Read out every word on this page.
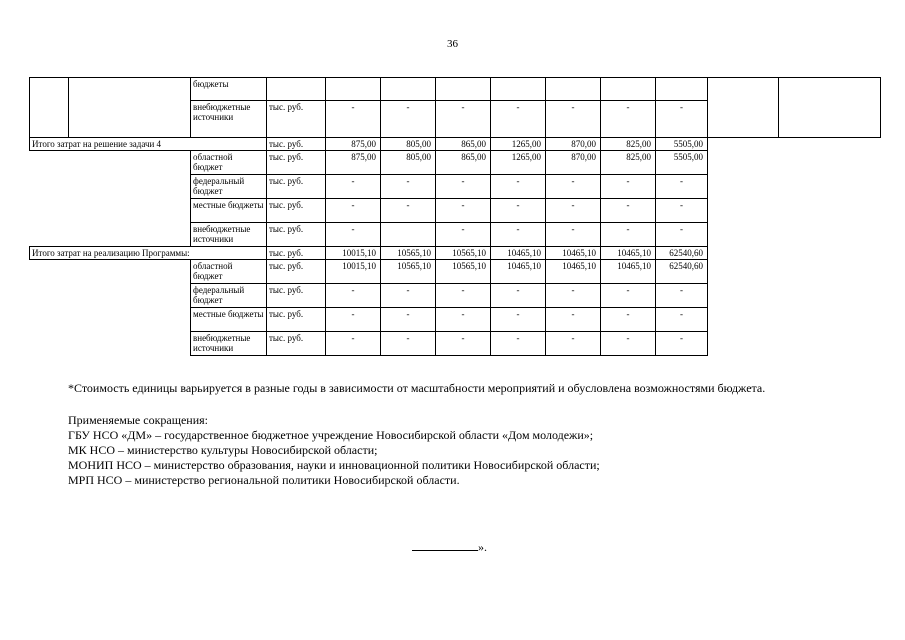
36
		бюджеты										
		внебюджетные источники	тыс. руб.	-	-	-	-	-	-	-		
Итого затрат на решение задачи 4			тыс. руб.	875,00	805,00	865,00	1265,00	870,00	825,00	5505,00		
		областной бюджет	тыс. руб.	875,00	805,00	865,00	1265,00	870,00	825,00	5505,00		
		федеральный бюджет	тыс. руб.	-	-	-	-	-	-	-		
		местные бюджеты	тыс. руб.	-	-	-	-	-	-	-		
		внебюджетные источники	тыс. руб.	-		-	-	-	-	-		
Итого затрат на реализацию Программы:			тыс. руб.	10015,10	10565,10	10565,10	10465,10	10465,10	10465,10	62540,60		
		областной бюджет	тыс. руб.	10015,10	10565,10	10565,10	10465,10	10465,10	10465,10	62540,60		
		федеральный бюджет	тыс. руб.	-	-	-	-	-	-	-		
		местные бюджеты	тыс. руб.	-	-	-	-	-	-	-		
		внебюджетные источники	тыс. руб.	-	-	-	-	-	-	-		
*Стоимость единицы варьируется в разные годы в зависимости от масштабности мероприятий и обусловлена возможностями бюджета.
Применяемые сокращения:
ГБУ НСО «ДМ» – государственное бюджетное учреждение Новосибирской области «Дом молодежи»;
МК НСО – министерство культуры Новосибирской области;
МОНИП НСО – министерство образования, науки и инновационной политики Новосибирской области;
МРП НСО – министерство региональной политики Новосибирской области.
».
